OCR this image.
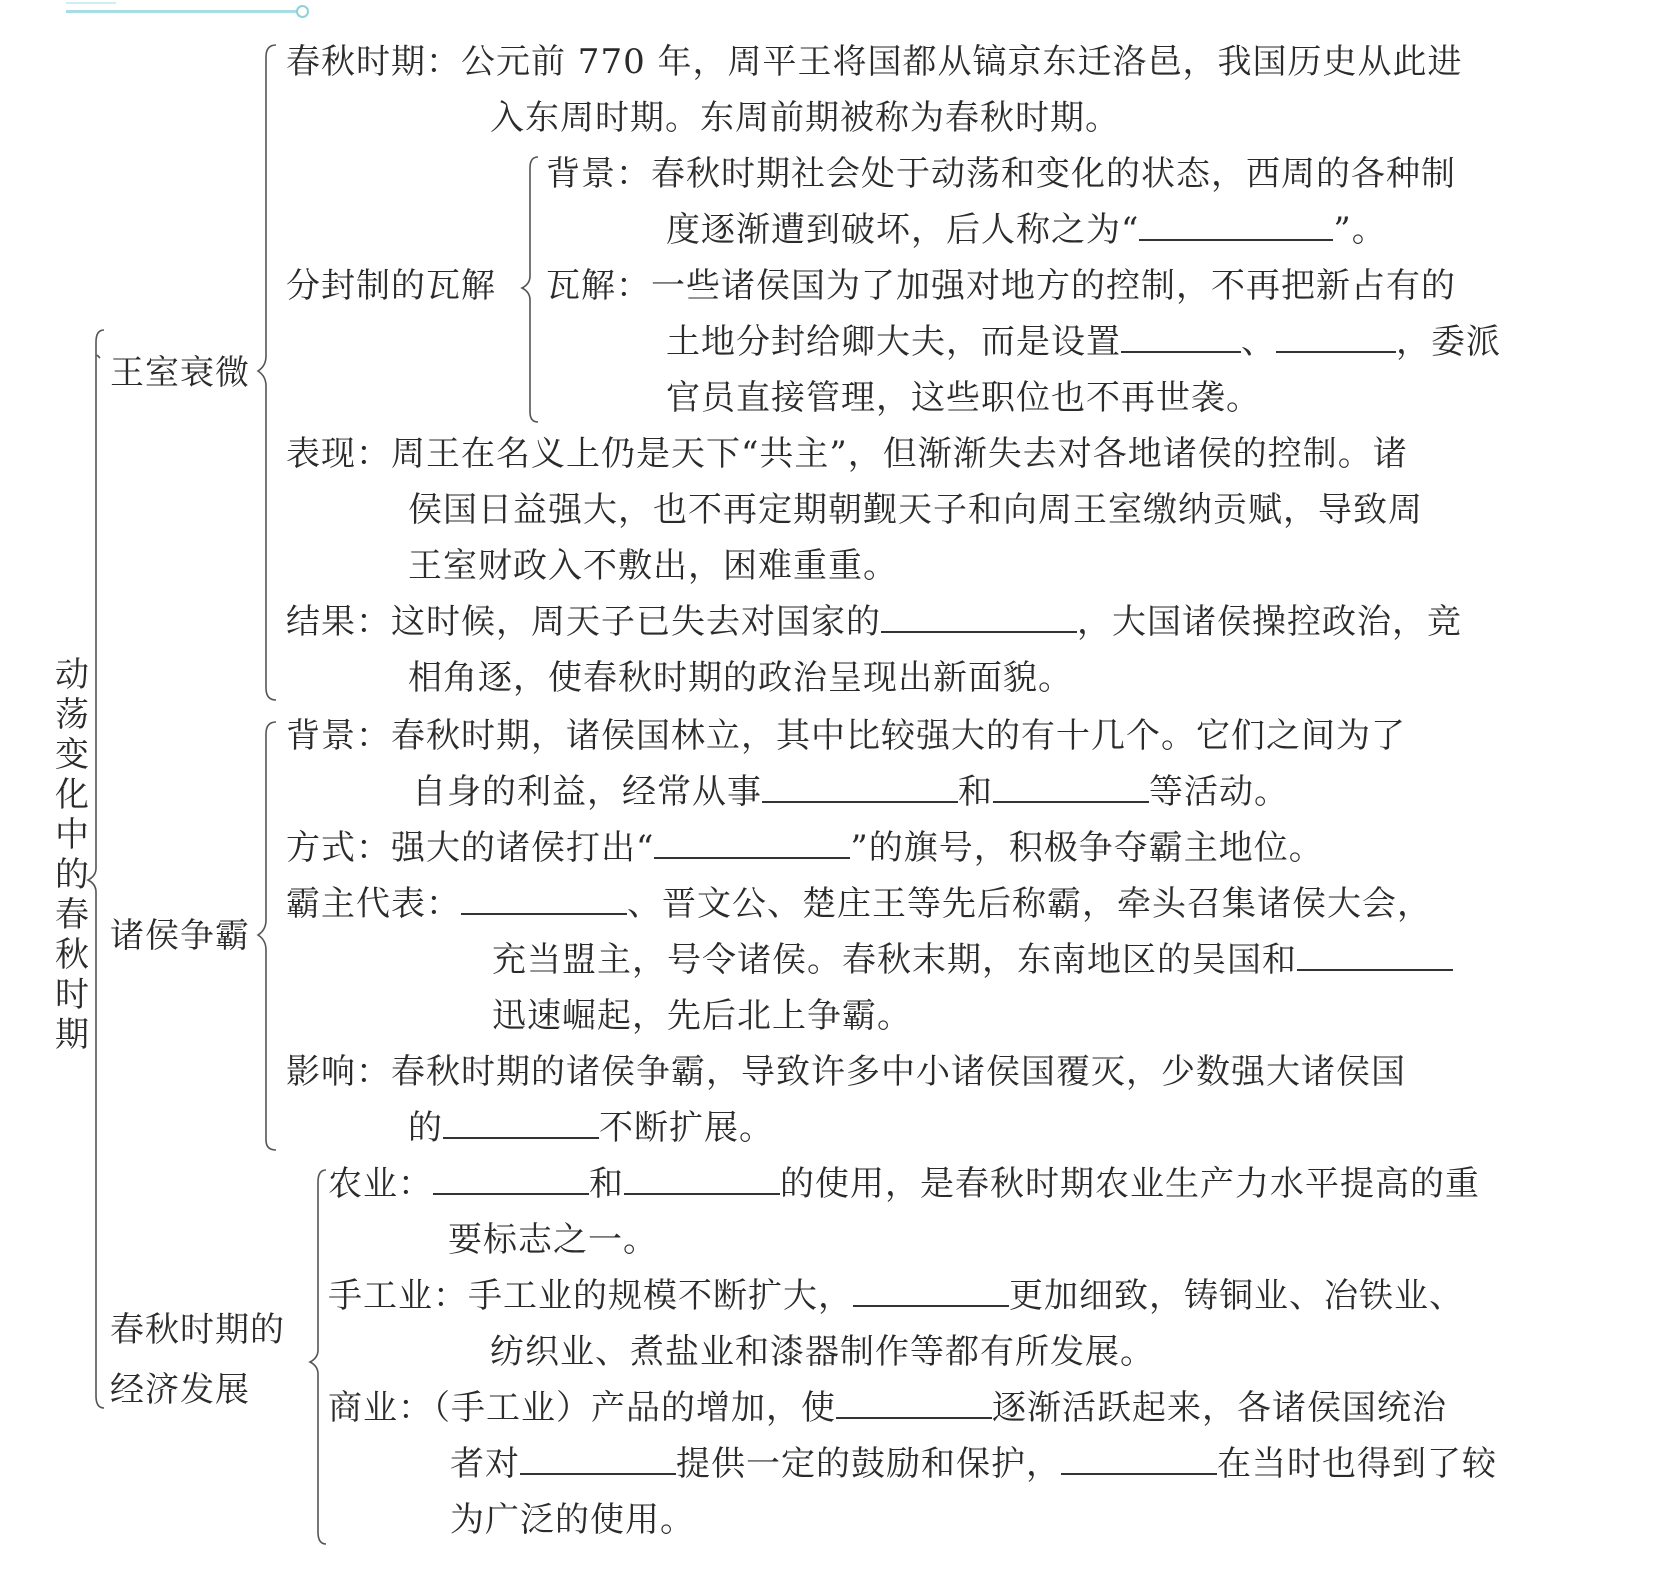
动荡变化中的春秋时期
王室衰微
诸侯争霸
春秋时期的经济发展
春秋时期：公元前 770 年，周平王将国都从镐京东迁洛邑，我国历史从此进
入东周时期。东周前期被称为春秋时期。
分封制的瓦解
背景：春秋时期社会处于动荡和变化的状态，西周的各种制
度逐渐遭到破坏，后人称之为“	”。
瓦解：一些诸侯国为了加强对地方的控制，不再把新占有的
土地分封给卿大夫，而是设置	、	，委派
官员直接管理，这些职位也不再世袭。
表现：周王在名义上仍是天下“共主”，但渐渐失去对各地诸侯的控制。诸
侯国日益强大，也不再定期朝觐天子和向周王室缴纳贡赋，导致周
王室财政入不敷出，困难重重。
结果：这时候，周天子已失去对国家的	，大国诸侯操控政治，竞
相角逐，使春秋时期的政治呈现出新面貌。
背景：春秋时期，诸侯国林立，其中比较强大的有十几个。它们之间为了
自身的利益，经常从事	和	等活动。
方式：强大的诸侯打出“	”的旗号，积极争夺霸主地位。
霸主代表：	、晋文公、楚庄王等先后称霸，牵头召集诸侯大会，
充当盟主，号令诸侯。春秋末期，东南地区的吴国和
迅速崛起，先后北上争霸。
影响：春秋时期的诸侯争霸，导致许多中小诸侯国覆灭，少数强大诸侯国
的	不断扩展。
农业：	和	的使用，是春秋时期农业生产力水平提高的重
要标志之一。
手工业：手工业的规模不断扩大，	更加细致，铸铜业、冶铁业、
纺织业、煮盐业和漆器制作等都有所发展。
商业：（手工业）产品的增加，使	逐渐活跃起来，各诸侯国统治
者对	提供一定的鼓励和保护，	在当时也得到了较
为广泛的使用。
